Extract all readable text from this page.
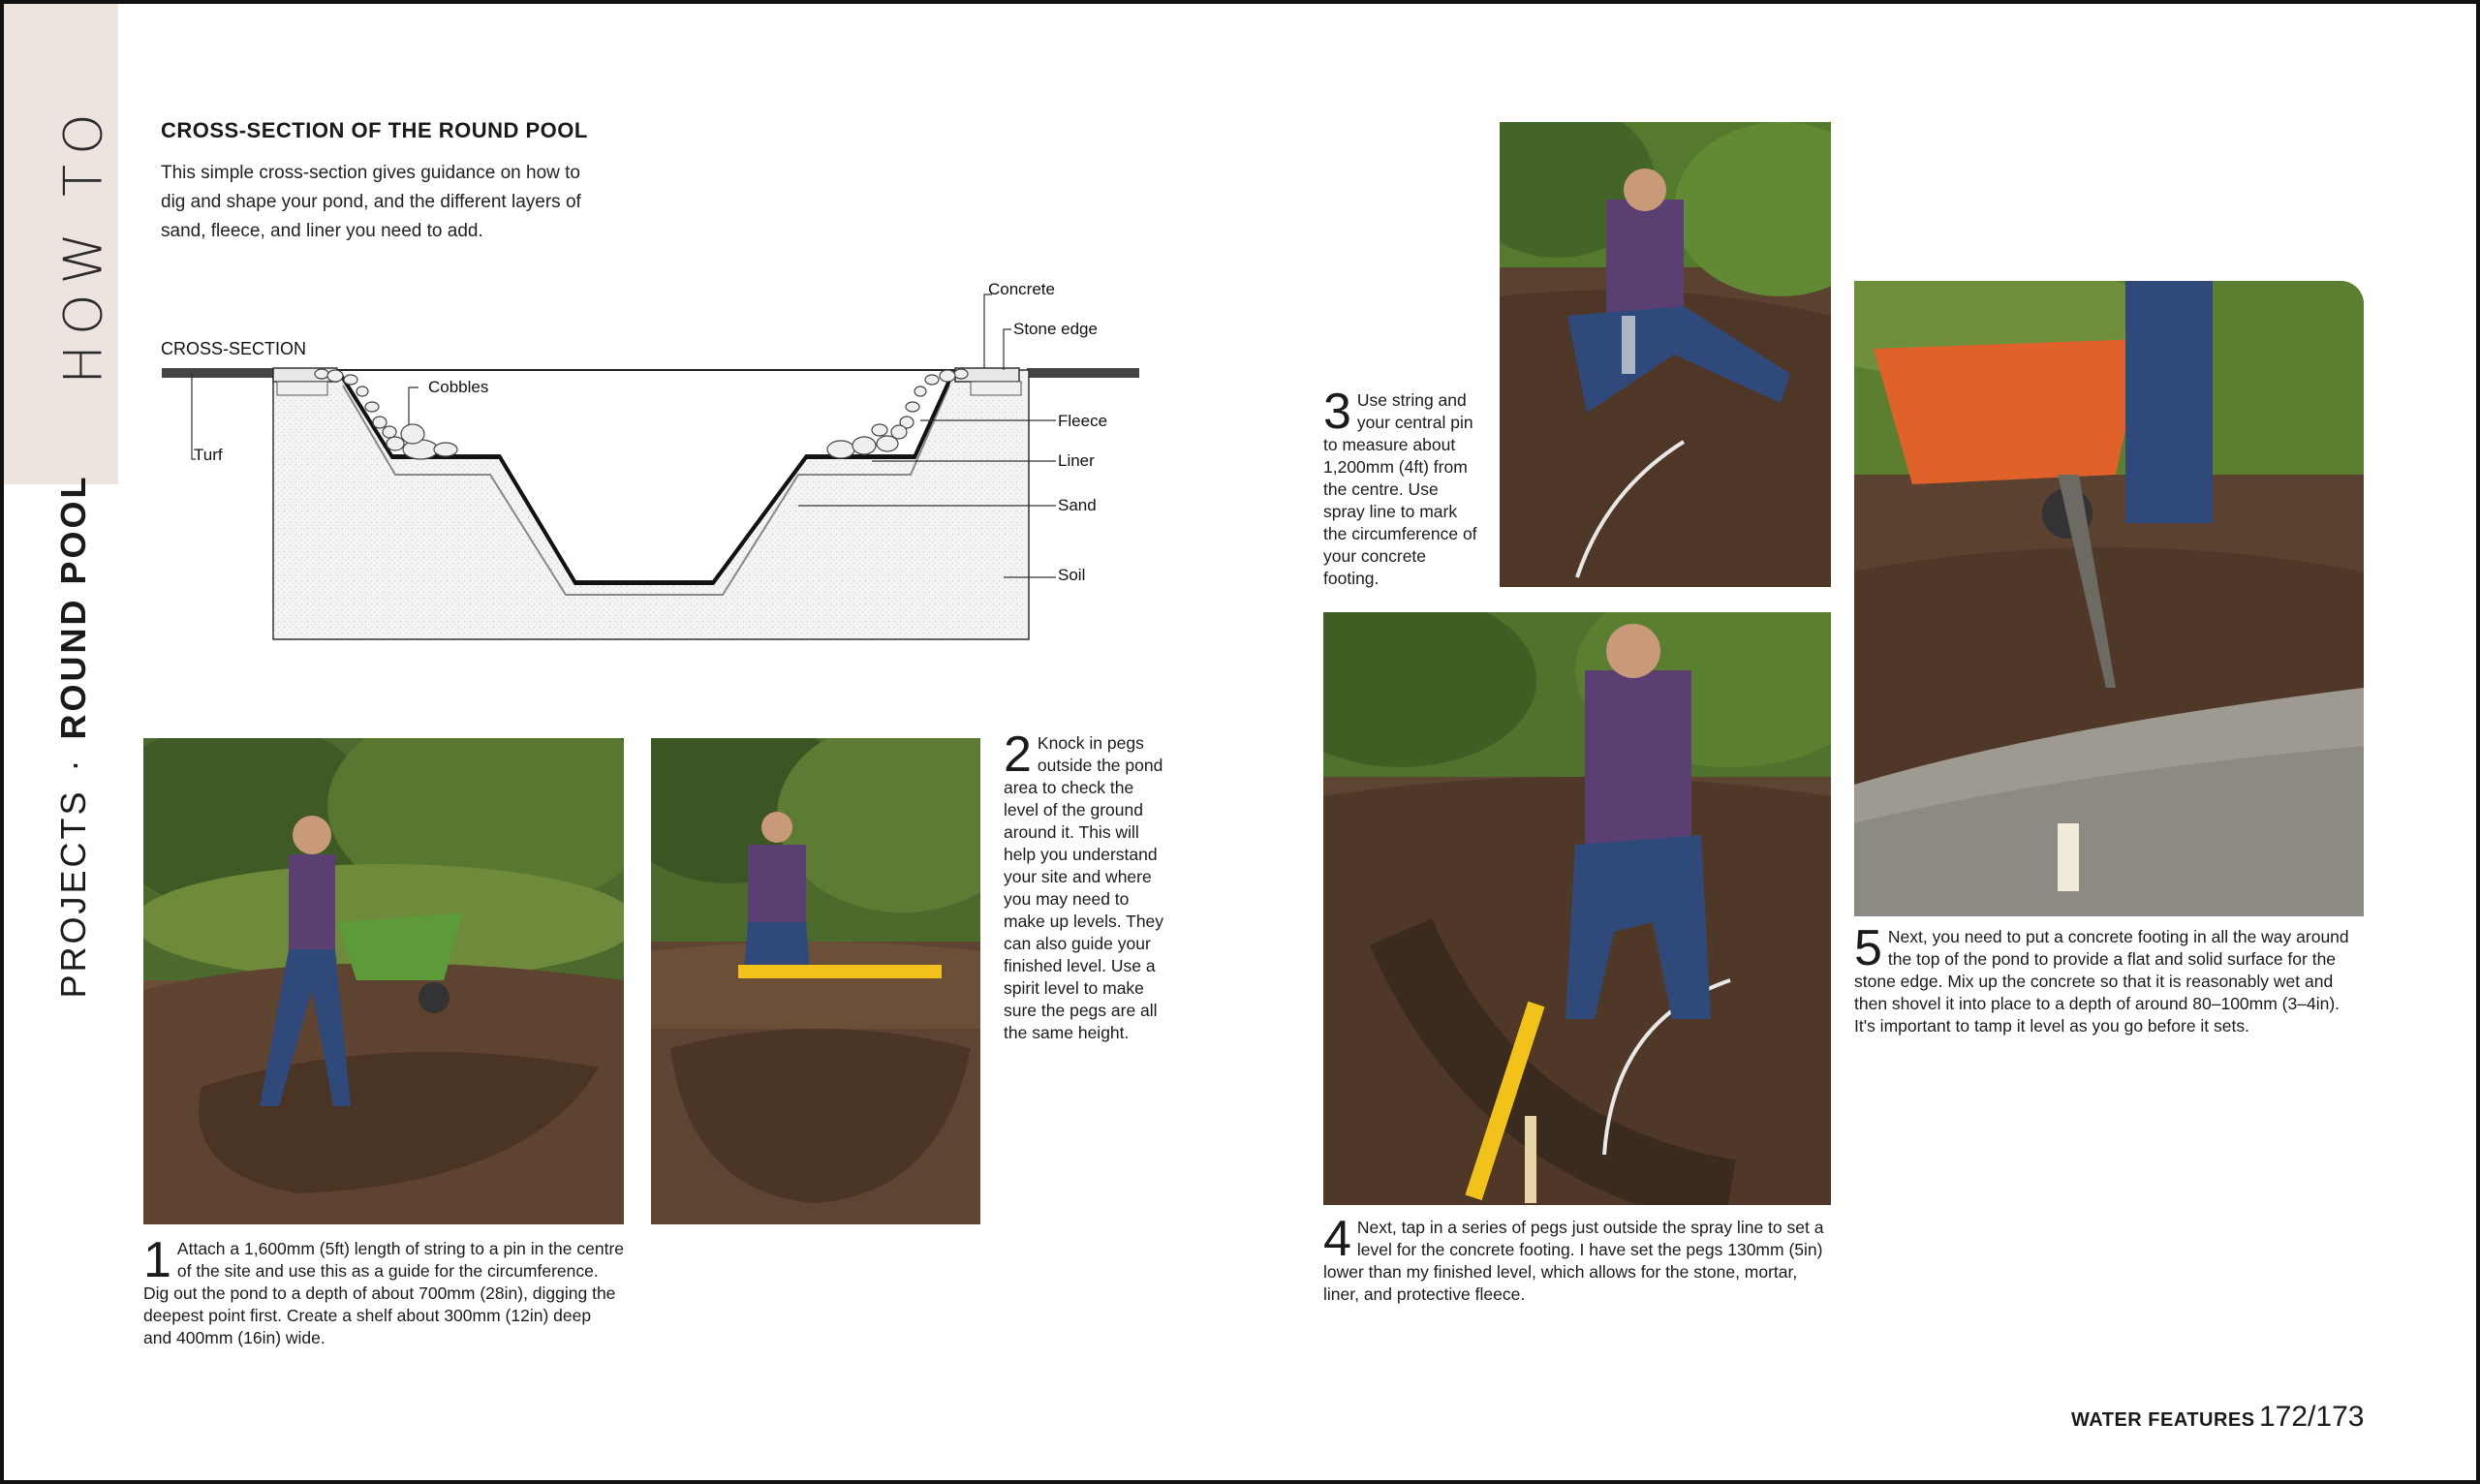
HOW TO
PROJECTS·ROUND POOL
CROSS-SECTION OF THE ROUND POOL
This simple cross-section gives guidance on how to dig and shape your pond, and the different layers of sand, fleece, and liner you need to add.
CROSS-SECTION
Concrete
Stone edge
Cobbles
Turf
Fleece
Liner
Sand
Soil
1 Attach a 1,600mm (5ft) length of string to a pin in the centre of the site and use this as a guide for the circumference. Dig out the pond to a depth of about 700mm (28in), digging the deepest point first. Create a shelf about 300mm (12in) deep and 400mm (16in) wide.
2 Knock in pegs outside the pond area to check the level of the ground around it. This will help you understand your site and where you may need to make up levels. They can also guide your finished level. Use a spirit level to make sure the pegs are all the same height.
3 Use string and your central pin to measure about 1,200mm (4ft) from the centre. Use spray line to mark the circumference of your concrete footing.
4 Next, tap in a series of pegs just outside the spray line to set a level for the concrete footing. I have set the pegs 130mm (5in) lower than my finished level, which allows for the stone, mortar, liner, and protective fleece.
5 Next, you need to put a concrete footing in all the way around the top of the pond to provide a flat and solid surface for the stone edge. Mix up the concrete so that it is reasonably wet and then shovel it into place to a depth of around 80–100mm (3–4in). It's important to tamp it level as you go before it sets.
WATER FEATURES 172/173
